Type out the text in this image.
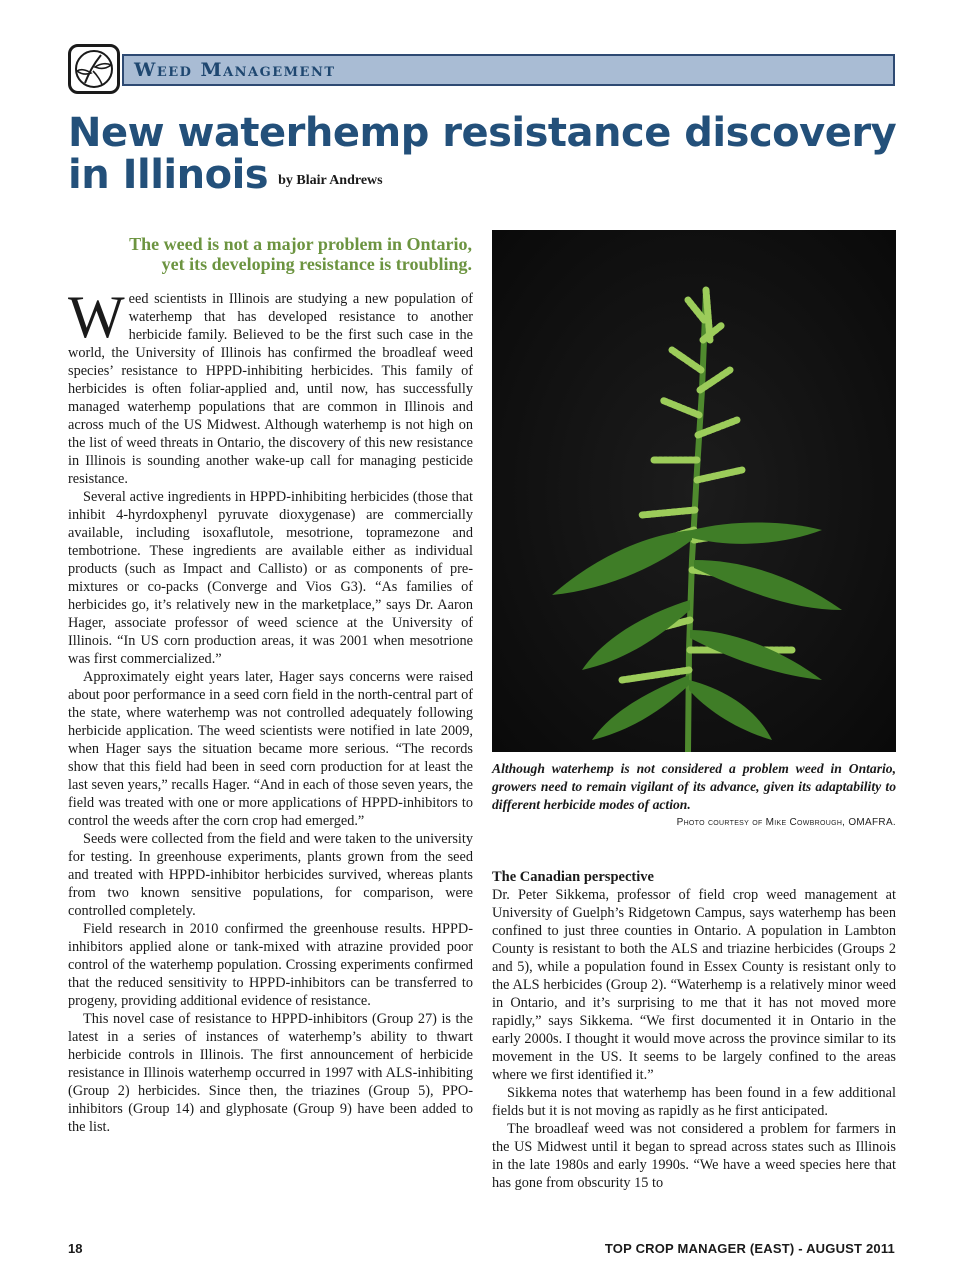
Weed Management
New waterhemp resistance discovery
in Illinois by Blair Andrews
The weed is not a major problem in Ontario,
yet its developing resistance is troubling.

Weed scientists in Illinois are studying a new population of waterhemp that has developed resistance to another herbicide family. Believed to be the first such case in the world, the University of Illinois has confirmed the broadleaf weed species’ resistance to HPPD-inhibiting herbicides. This family of herbicides is often foliar-applied and, until now, has successfully managed waterhemp populations that are common in Illinois and across much of the US Midwest. Although waterhemp is not high on the list of weed threats in Ontario, the discovery of this new resistance in Illinois is sounding another wake-up call for managing pesticide resistance.

Several active ingredients in HPPD-inhibiting herbicides (those that inhibit 4-hyrdoxphenyl pyruvate dioxygenase) are commercially available, including isoxaflutole, mesotrione, topramezone and tembotrione. These ingredients are available either as individual products (such as Impact and Callisto) or as components of pre-mixtures or co-packs (Converge and Vios G3). “As families of herbicides go, it’s relatively new in the marketplace,” says Dr. Aaron Hager, associate professor of weed science at the University of Illinois. “In US corn production areas, it was 2001 when mesotrione was first commercialized.”

Approximately eight years later, Hager says concerns were raised about poor performance in a seed corn field in the north-central part of the state, where waterhemp was not controlled adequately following herbicide application. The weed scientists were notified in late 2009, when Hager says the situation became more serious. “The records show that this field had been in seed corn production for at least the last seven years,” recalls Hager. “And in each of those seven years, the field was treated with one or more applications of HPPD-inhibitors to control the weeds after the corn crop had emerged.”

Seeds were collected from the field and were taken to the university for testing. In greenhouse experiments, plants grown from the seed and treated with HPPD-inhibitor herbicides survived, whereas plants from two known sensitive populations, for comparison, were controlled completely.

Field research in 2010 confirmed the greenhouse results. HPPD-inhibitors applied alone or tank-mixed with atrazine provided poor control of the waterhemp population. Crossing experiments confirmed that the reduced sensitivity to HPPD-inhibitors can be transferred to progeny, providing additional evidence of resistance.

This novel case of resistance to HPPD-inhibitors (Group 27) is the latest in a series of instances of waterhemp’s ability to thwart herbicide controls in Illinois. The first announcement of herbicide resistance in Illinois waterhemp occurred in 1997 with ALS-inhibiting (Group 2) herbicides. Since then, the triazines (Group 5), PPO-inhibitors (Group 14) and glyphosate (Group 9) have been added to the list.

Although waterhemp is not considered a problem weed in Ontario, growers need to remain vigilant of its advance, given its adaptability to different herbicide modes of action.
Photo courtesy of Mike Cowbrough, OMAFRA.

The Canadian perspective

Dr. Peter Sikkema, professor of field crop weed management at University of Guelph’s Ridgetown Campus, says waterhemp has been confined to just three counties in Ontario. A population in Lambton County is resistant to both the ALS and triazine herbicides (Groups 2 and 5), while a population found in Essex County is resistant only to the ALS herbicides (Group 2). “Waterhemp is a relatively minor weed in Ontario, and it’s surprising to me that it has not moved more rapidly,” says Sikkema. “We first documented it in Ontario in the early 2000s. I thought it would move across the province similar to its movement in the US. It seems to be largely confined to the areas where we first identified it.”

Sikkema notes that waterhemp has been found in a few additional fields but it is not moving as rapidly as he first anticipated.

The broadleaf weed was not considered a problem for farmers in the US Midwest until it began to spread across states such as Illinois in the late 1980s and early 1990s. “We have a weed species here that has gone from obscurity 15 to

18	TOP CROP MANAGER (EAST) - AUGUST 2011
